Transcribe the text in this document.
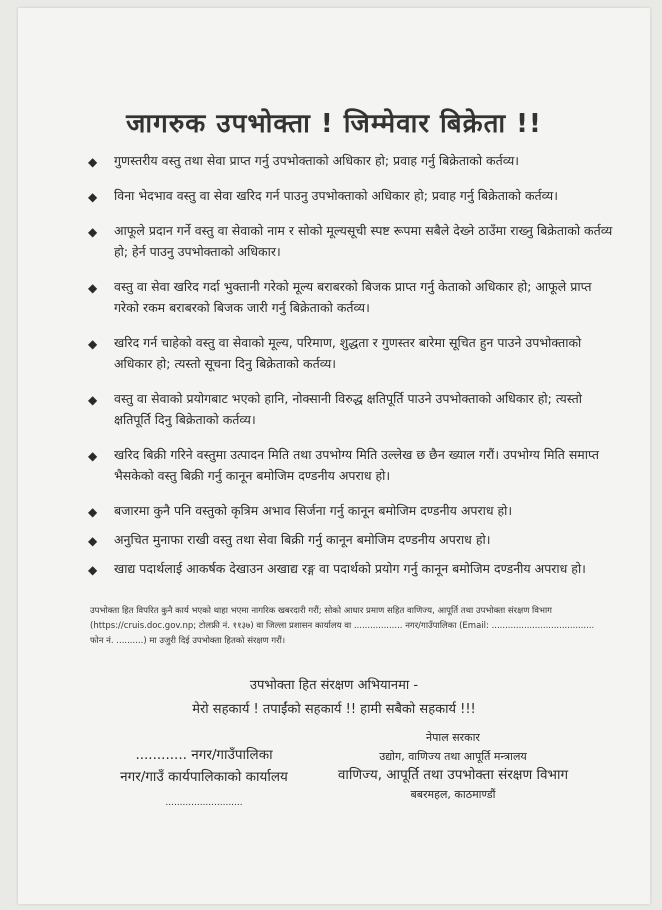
जागरुक उपभोक्ता ! जिम्मेवार बिक्रेता !!
◆ गुणस्तरीय वस्तु तथा सेवा प्राप्त गर्नु उपभोक्ताको अधिकार हो; प्रवाह गर्नु बिक्रेताको कर्तव्य।
◆ विना भेदभाव वस्तु वा सेवा खरिद गर्न पाउनु उपभोक्ताको अधिकार हो; प्रवाह गर्नु बिक्रेताको कर्तव्य।
◆ आफूले प्रदान गर्ने वस्तु वा सेवाको नाम र सोको मूल्यसूची स्पष्ट रूपमा सबैले देख्ने ठाउँमा राख्नु बिक्रेताको कर्तव्य हो; हेर्न पाउनु उपभोक्ताको अधिकार।
◆ वस्तु वा सेवा खरिद गर्दा भुक्तानी गरेको मूल्य बराबरको बिजक प्राप्त गर्नु केताको अधिकार हो; आफूले प्राप्त गरेको रकम बराबरको बिजक जारी गर्नु बिक्रेताको कर्तव्य।
◆ खरिद गर्न चाहेको वस्तु वा सेवाको मूल्य, परिमाण, शुद्धता र गुणस्तर बारेमा सूचित हुन पाउने उपभोक्ताको अधिकार हो; त्यस्तो सूचना दिनु बिक्रेताको कर्तव्य।
◆ वस्तु वा सेवाको प्रयोगबाट भएको हानि, नोक्सानी विरुद्ध क्षतिपूर्ति पाउने उपभोक्ताको अधिकार हो; त्यस्तो क्षतिपूर्ति दिनु बिक्रेताको कर्तव्य।
◆ खरिद बिक्री गरिने वस्तुमा उत्पादन मिति तथा उपभोग्य मिति उल्लेख छ छैन ख्याल गरौं। उपभोग्य मिति समाप्त भैसकेको वस्तु बिक्री गर्नु कानून बमोजिम दण्डनीय अपराध हो।
◆ बजारमा कुनै पनि वस्तुको कृत्रिम अभाव सिर्जना गर्नु कानून बमोजिम दण्डनीय अपराध हो।
◆ अनुचित मुनाफा राखी वस्तु तथा सेवा बिक्री गर्नु कानून बमोजिम दण्डनीय अपराध हो।
◆ खाद्य पदार्थलाई आकर्षक देखाउन अखाद्य रङ्ग वा पदार्थको प्रयोग गर्नु कानून बमोजिम दण्डनीय अपराध हो।
उपभोक्ता हित विपरित कुनै कार्य भएको थाहा भएमा नागरिक खबरदारी गरौं; सोको आधार प्रमाण सहित वाणिज्य, आपूर्ति तथा उपभोक्ता संरक्षण विभाग (https://cruis.doc.gov.np; टोलफ्री नं. ११३७) वा जिल्ला प्रशासन कार्यालय वा .................. नगर/गाउँपालिका (Email: ...................................... फोन नं. ..........) मा उजुरी दिई उपभोक्ता हितको संरक्षण गरौं।
उपभोक्ता हित संरक्षण अभियानमा -
मेरो सहकार्य ! तपाईंको सहकार्य !! हामी सबैको सहकार्य !!!
............ नगर/गाउँपालिका
नगर/गाउँ कार्यपालिकाको कार्यालय
...........................
नेपाल सरकार
उद्योग, वाणिज्य तथा आपूर्ति मन्त्रालय
वाणिज्य, आपूर्ति तथा उपभोक्ता संरक्षण विभाग
बबरमहल, काठमाण्डौं
